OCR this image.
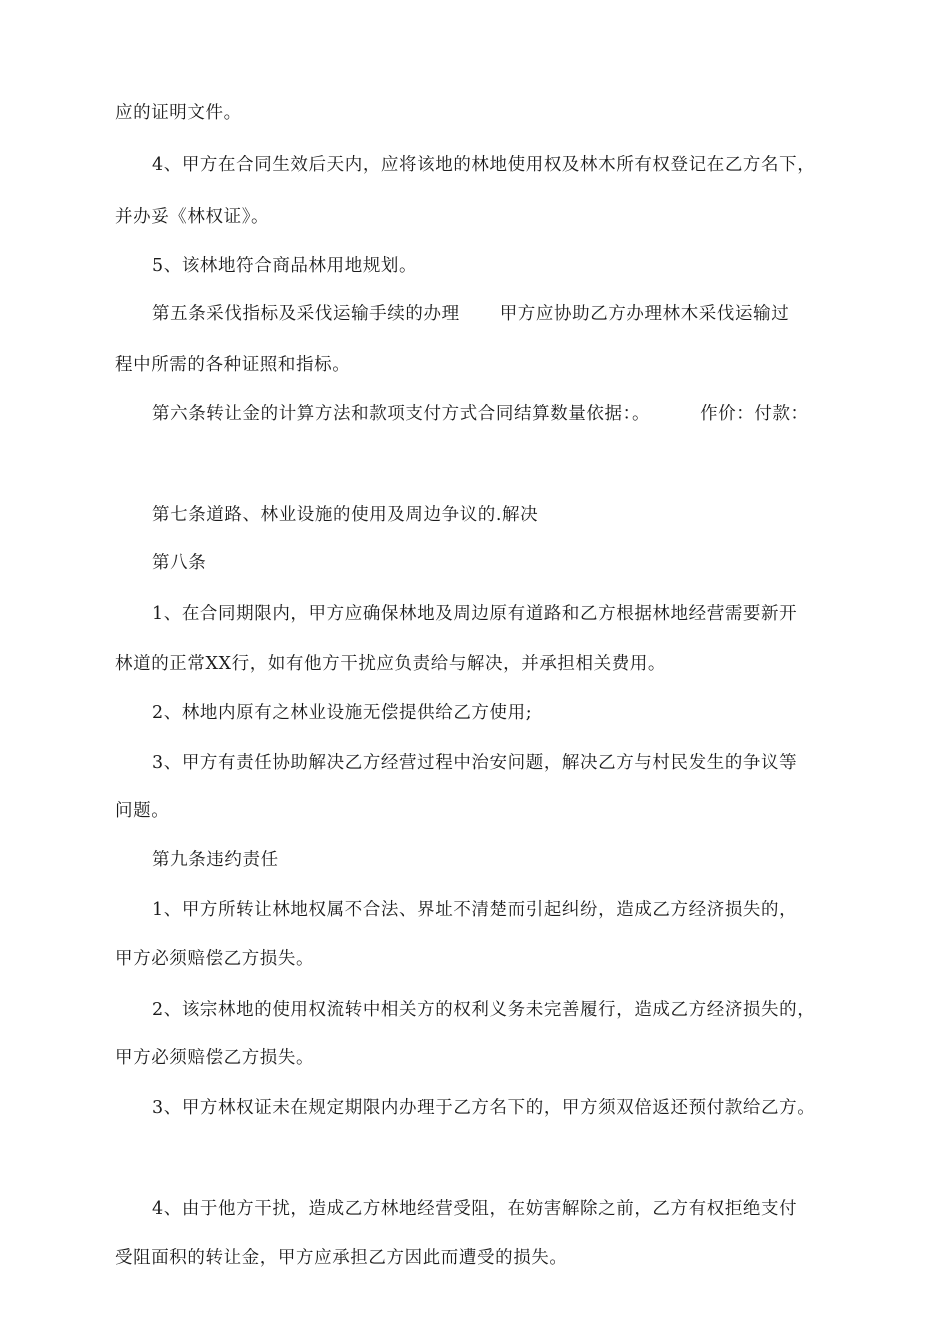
应的证明文件。
4、甲方在合同生效后天内，应将该地的林地使用权及林木所有权登记在乙方名下，
并办妥《林权证》。
5、该林地符合商品林用地规划。
第五条采伐指标及采伐运输手续的办理 甲方应协助乙方办理林木采伐运输过
程中所需的各种证照和指标。
第六条转让金的计算方法和款项支付方式合同结算数量依据：。	作价：付款：
第七条道路、林业设施的使用及周边争议的.解决
第八条
1、在合同期限内，甲方应确保林地及周边原有道路和乙方根据林地经营需要新开
林道的正常XX行，如有他方干扰应负责给与解决，并承担相关费用。
2、林地内原有之林业设施无偿提供给乙方使用;
3、甲方有责任协助解决乙方经营过程中治安问题，解决乙方与村民发生的争议等
问题。
第九条违约责任
1、甲方所转让林地权属不合法、界址不清楚而引起纠纷，造成乙方经济损失的，
甲方必须赔偿乙方损失。
2、该宗林地的使用权流转中相关方的权利义务未完善履行，造成乙方经济损失的，
甲方必须赔偿乙方损失。
3、甲方林权证未在规定期限内办理于乙方名下的，甲方须双倍返还预付款给乙方。
4、由于他方干扰，造成乙方林地经营受阻，在妨害解除之前，乙方有权拒绝支付
受阻面积的转让金，甲方应承担乙方因此而遭受的损失。
